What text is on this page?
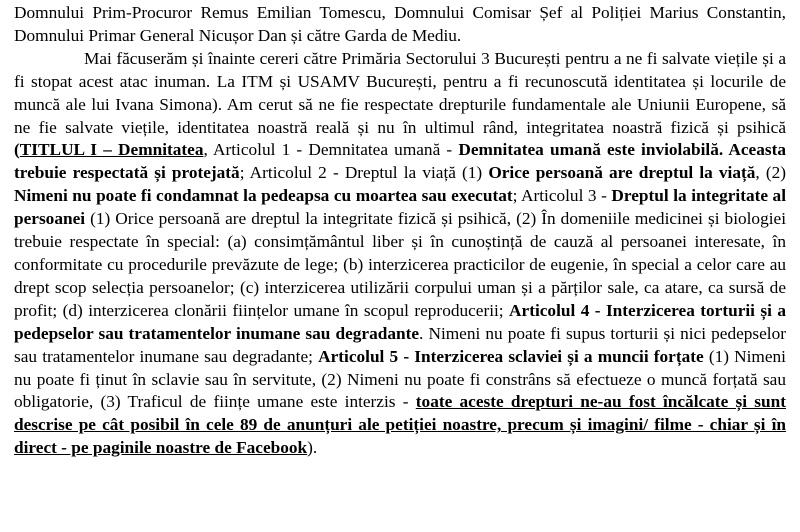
Domnului Prim-Procuror Remus Emilian Tomescu, Domnului Comisar Șef al Poliției Marius Constantin, Domnului Primar General Nicușor Dan și către Garda de Mediu.

Mai făcuserăm și înainte cereri către Primăria Sectorului 3 București pentru a ne fi salvate viețile și a fi stopat acest atac inuman. La ITM și USAMV București, pentru a fi recunoscută identitatea și locurile de muncă ale lui Ivana Simona). Am cerut să ne fie respectate drepturile fundamentale ale Uniunii Europene, să ne fie salvate viețile, identitatea noastră reală și nu în ultimul rând, integritatea noastră fizică și psihică (TITLUL I – Demnitatea, Articolul 1 - Demnitatea umană - Demnitatea umană este inviolabilă. Aceasta trebuie respectată și protejată; Articolul 2 - Dreptul la viață (1) Orice persoană are dreptul la viață, (2) Nimeni nu poate fi condamnat la pedeapsa cu moartea sau executat; Articolul 3 - Dreptul la integritate al persoanei (1) Orice persoană are dreptul la integritate fizică și psihică, (2) În domeniile medicinei și biologiei trebuie respectate în special: (a) consimțământul liber și în cunoștință de cauză al persoanei interesate, în conformitate cu procedurile prevăzute de lege; (b) interzicerea practicilor de eugenie, în special a celor care au drept scop selecția persoanelor; (c) interzicerea utilizării corpului uman și a părților sale, ca atare, ca sursă de profit; (d) interzicerea clonării ființelor umane în scopul reproducerii; Articolul 4 - Interzicerea torturii și a pedepselor sau tratamentelor inumane sau degradante. Nimeni nu poate fi supus torturii și nici pedepselor sau tratamentelor inumane sau degradante; Articolul 5 - Interzicerea sclaviei și a muncii forțate (1) Nimeni nu poate fi ținut în sclavie sau în servitute, (2) Nimeni nu poate fi constrâns să efectueze o muncă forțată sau obligatorie, (3) Traficul de ființe umane este interzis - toate aceste drepturi ne-au fost încălcate și sunt descrise pe cât posibil în cele 89 de anunțuri ale petiției noastre, precum și imagini/ filme - chiar și în direct - pe paginile noastre de Facebook).
